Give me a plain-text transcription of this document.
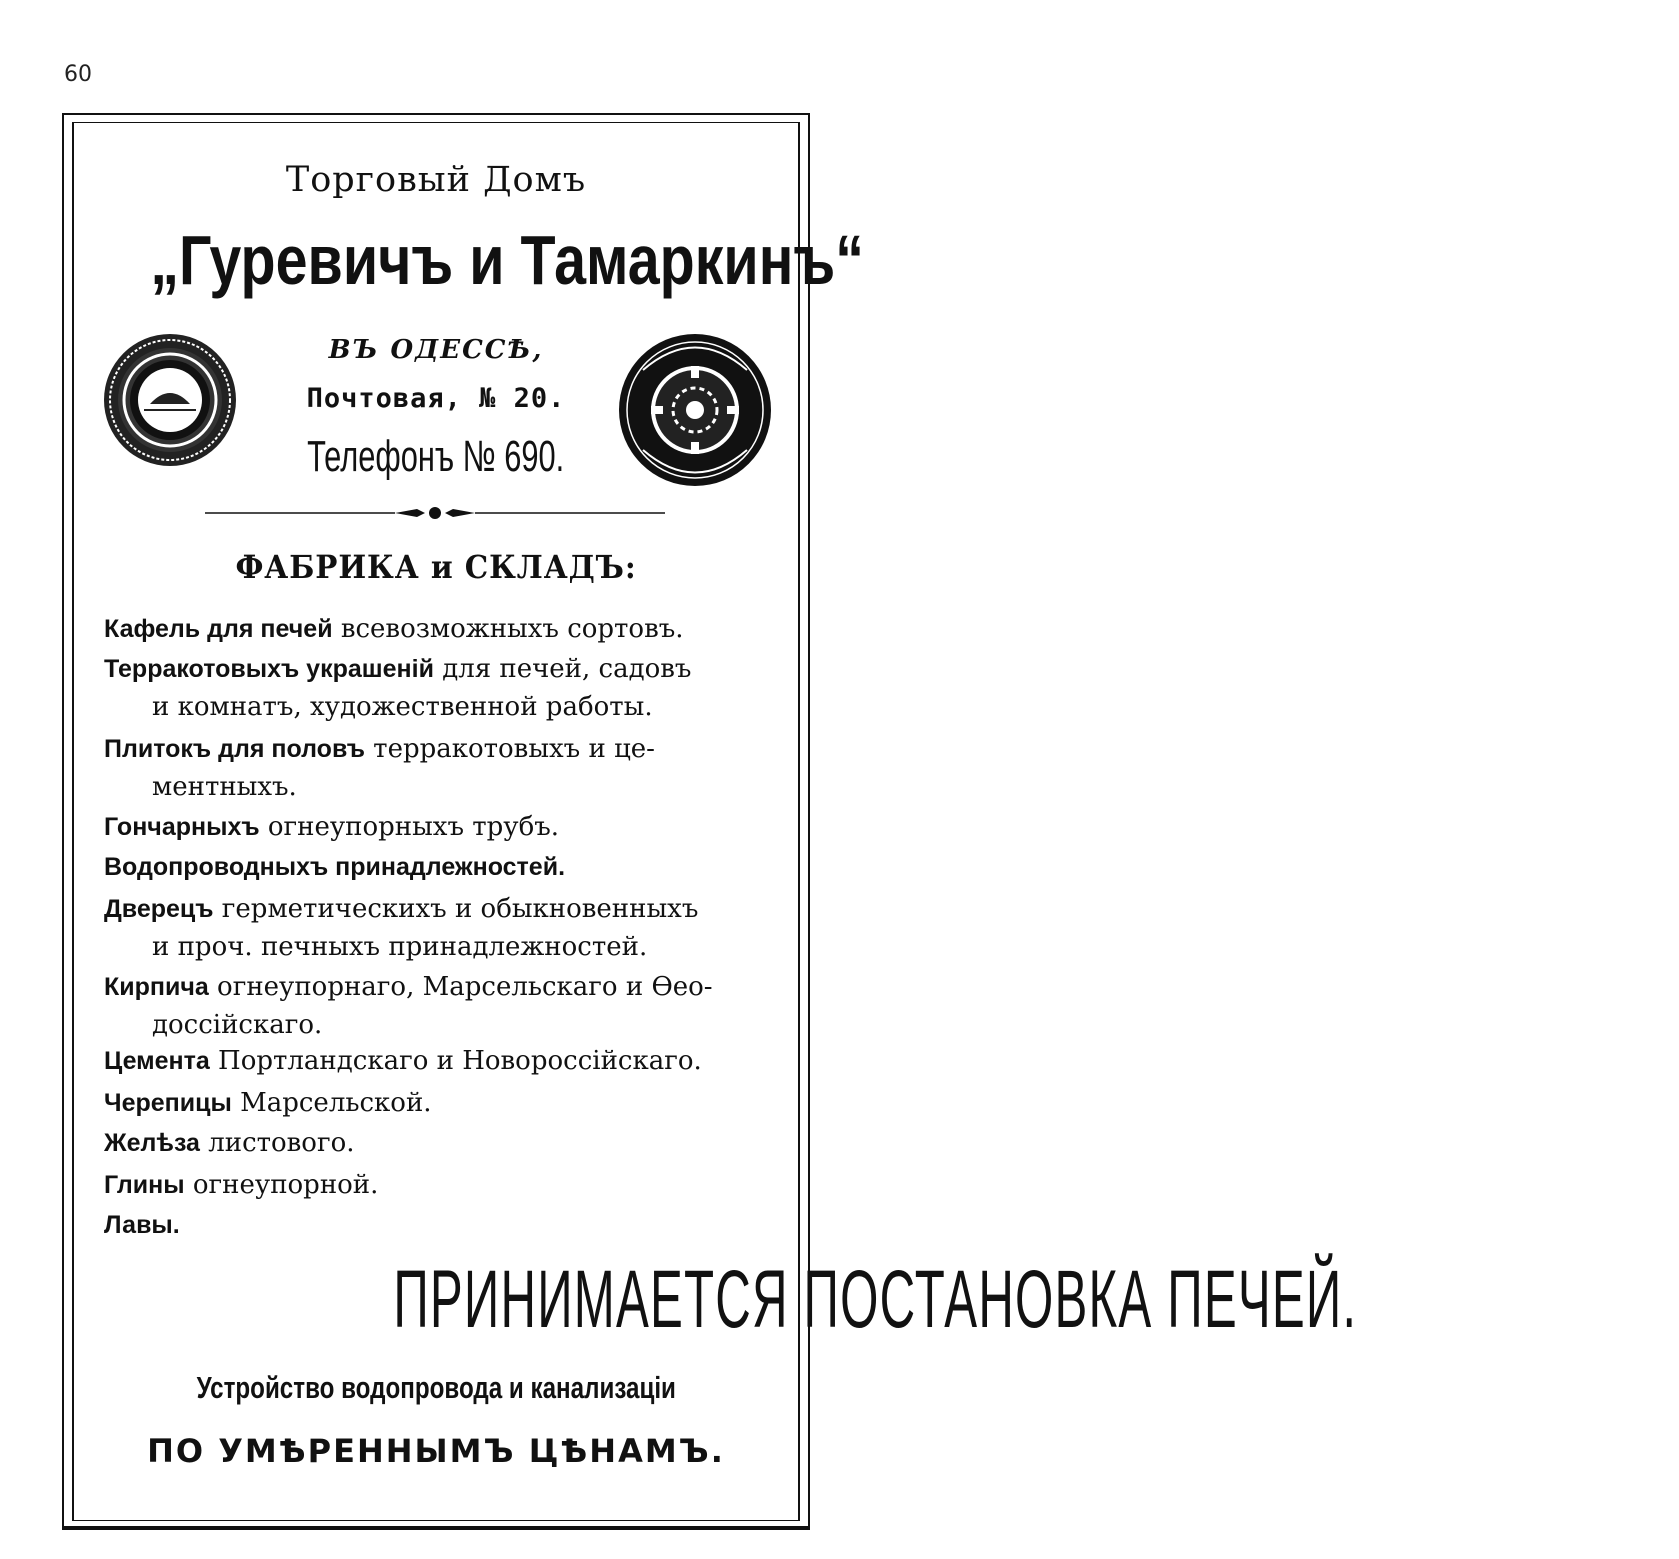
60
Торговый Домъ
„Гуревичъ и Тамаркинъ“
ВЪ ОДЕССѢ,
Почтовая, № 20.
Телефонъ № 690.
ФАБРИКА и СКЛАДЪ:
Кафель для печей всевозможныхъ сортовъ.
Терракотовыхъ украшеній для печей, садовъ
и комнатъ, художественной работы.
Плитокъ для половъ терракотовыхъ и це-
ментныхъ.
Гончарныхъ огнеупорныхъ трубъ.
Водопроводныхъ принадлежностей.
Дверецъ герметическихъ и обыкновенныхъ
и проч. печныхъ принадлежностей.
Кирпича огнеупорнаго, Марсельскаго и Ѳео-
доссійскаго.
Цемента Портландскаго и Новороссійскаго.
Черепицы Марсельской.
Желѣза листового.
Глины огнеупорной.
Лавы.
ПРИНИМАЕТСЯ ПОСТАНОВКА ПЕЧЕЙ.
Устройство водопровода и канализаціи
ПО УМѢРЕННЫМЪ ЦѢНАМЪ.
